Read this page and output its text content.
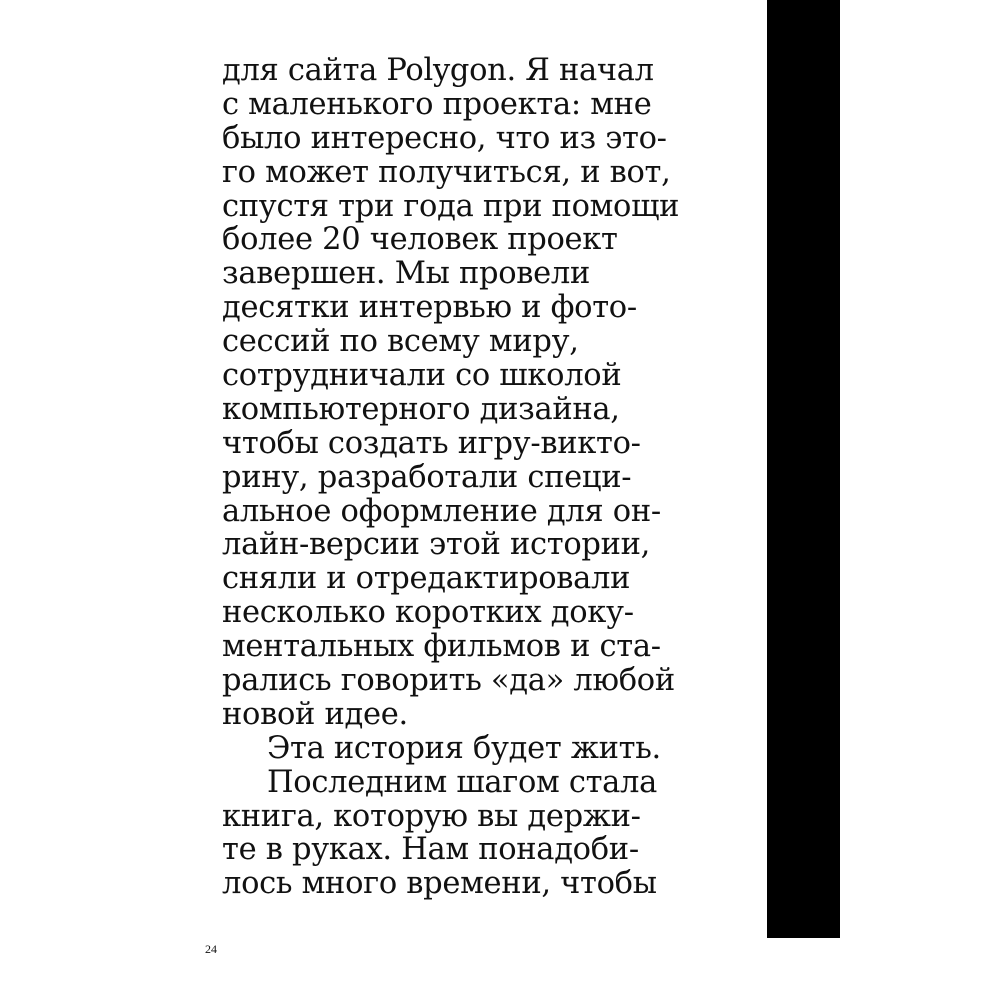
для сайта Polygon. Я начал
с маленького проекта: мне
было интересно, что из это-
го может получиться, и вот,
спустя три года при помощи
более 20 человек проект
завершен. Мы провели
десятки интервью и фото-
сессий по всему миру,
сотрудничали со школой
компьютерного дизайна,
чтобы создать игру-викто-
рину, разработали специ-
альное оформление для он-
лайн-версии этой истории,
сняли и отредактировали
несколько коротких доку-
ментальных фильмов и ста-
рались говорить «да» любой
новой идее.
Эта история будет жить.
Последним шагом стала
книга, которую вы держи-
те в руках. Нам понадоби-
лось много времени, чтобы
24
